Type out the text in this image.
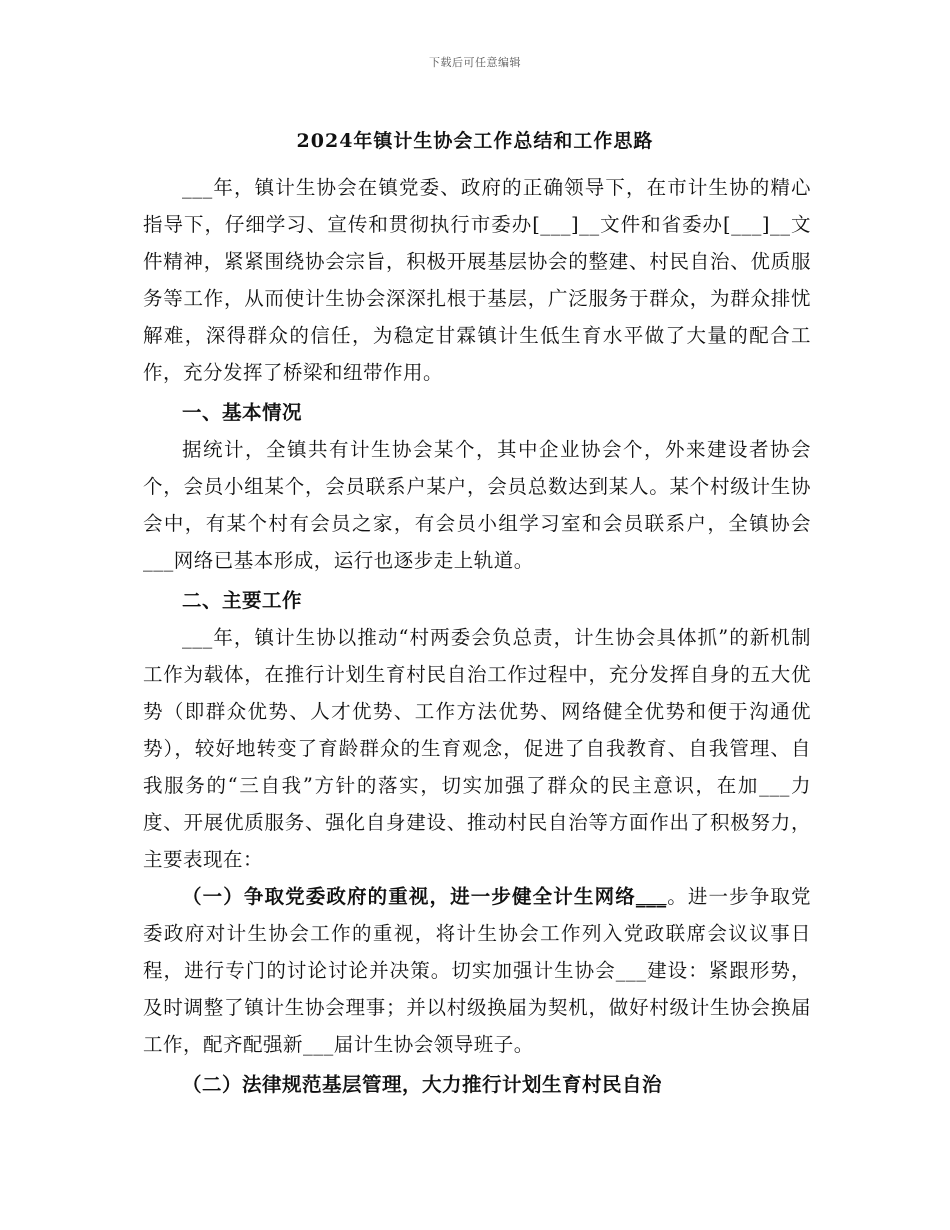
下载后可任意编辑
2024年镇计生协会工作总结和工作思路

___年，镇计生协会在镇党委、政府的正确领导下，在市计生协的精心指导下，仔细学习、宣传和贯彻执行市委办[___]__文件和省委办[___]__文件精神，紧紧围绕协会宗旨，积极开展基层协会的整建、村民自治、优质服务等工作，从而使计生协会深深扎根于基层，广泛服务于群众，为群众排忧解难，深得群众的信任，为稳定甘霖镇计生低生育水平做了大量的配合工作，充分发挥了桥梁和纽带作用。

一、基本情况

据统计，全镇共有计生协会某个，其中企业协会个，外来建设者协会个，会员小组某个，会员联系户某户，会员总数达到某人。某个村级计生协会中，有某个村有会员之家，有会员小组学习室和会员联系户，全镇协会___网络已基本形成，运行也逐步走上轨道。

二、主要工作

___年，镇计生协以推动“村两委会负总责，计生协会具体抓”的新机制工作为载体，在推行计划生育村民自治工作过程中，充分发挥自身的五大优势（即群众优势、人才优势、工作方法优势、网络健全优势和便于沟通优势），较好地转变了育龄群众的生育观念，促进了自我教育、自我管理、自我服务的“三自我”方针的落实，切实加强了群众的民主意识，在加___力度、开展优质服务、强化自身建设、推动村民自治等方面作出了积极努力，主要表现在：

（一）争取党委政府的重视，进一步健全计生网络___。进一步争取党委政府对计生协会工作的重视，将计生协会工作列入党政联席会议议事日程，进行专门的讨论讨论并决策。切实加强计生协会___建设：紧跟形势，及时调整了镇计生协会理事；并以村级换届为契机，做好村级计生协会换届工作，配齐配强新___届计生协会领导班子。

（二）法律规范基层管理，大力推行计划生育村民自治
